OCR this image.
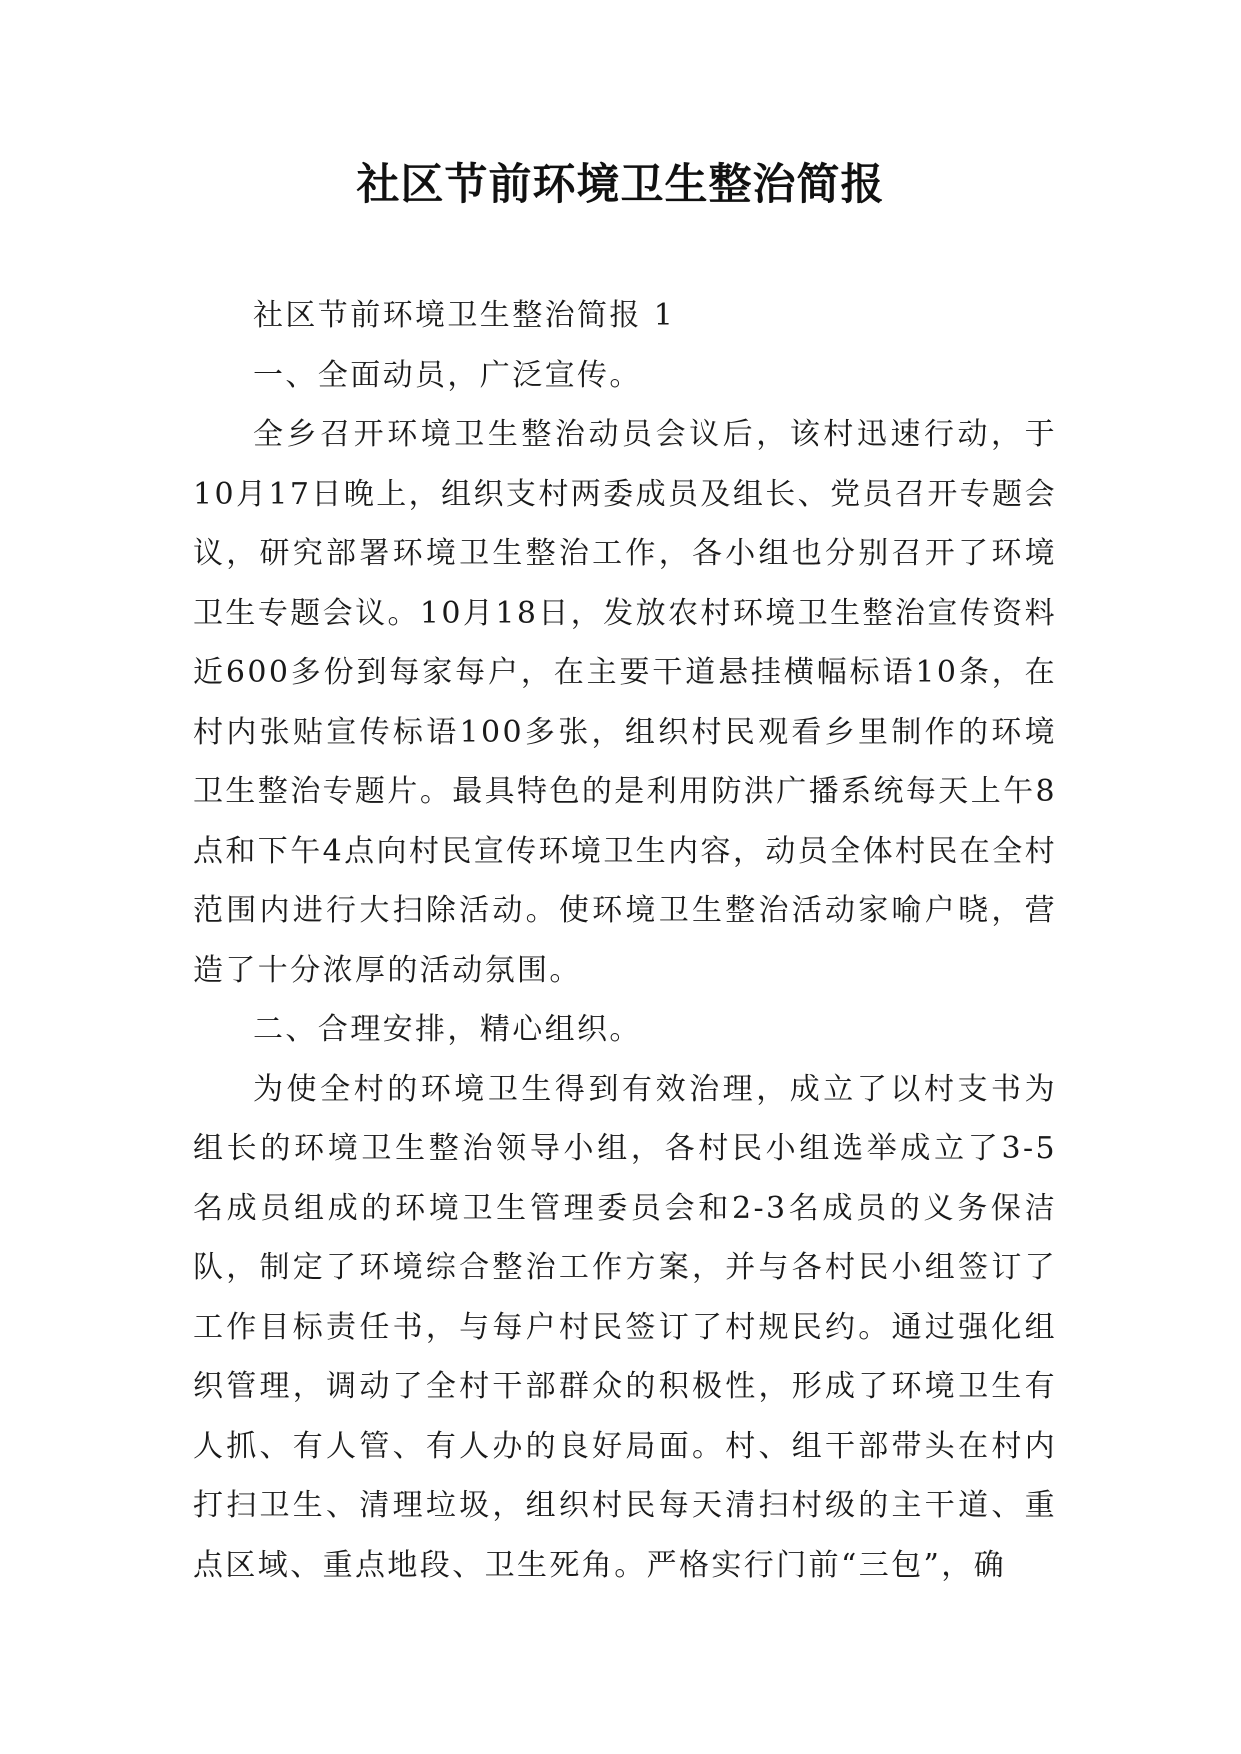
社区节前环境卫生整治简报

社区节前环境卫生整治简报 1

一、全面动员，广泛宣传。

全乡召开环境卫生整治动员会议后，该村迅速行动，于10月17日晚上，组织支村两委成员及组长、党员召开专题会议，研究部署环境卫生整治工作，各小组也分别召开了环境卫生专题会议。10月18日，发放农村环境卫生整治宣传资料近600多份到每家每户，在主要干道悬挂横幅标语10条，在村内张贴宣传标语100多张，组织村民观看乡里制作的环境卫生整治专题片。最具特色的是利用防洪广播系统每天上午8点和下午4点向村民宣传环境卫生内容，动员全体村民在全村范围内进行大扫除活动。使环境卫生整治活动家喻户晓，营造了十分浓厚的活动氛围。

二、合理安排，精心组织。

为使全村的环境卫生得到有效治理，成立了以村支书为组长的环境卫生整治领导小组，各村民小组选举成立了3-5名成员组成的环境卫生管理委员会和2-3名成员的义务保洁队，制定了环境综合整治工作方案，并与各村民小组签订了工作目标责任书，与每户村民签订了村规民约。通过强化组织管理，调动了全村干部群众的积极性，形成了环境卫生有人抓、有人管、有人办的良好局面。村、组干部带头在村内打扫卫生、清理垃圾，组织村民每天清扫村级的主干道、重点区域、重点地段、卫生死角。严格实行门前“三包”，确
